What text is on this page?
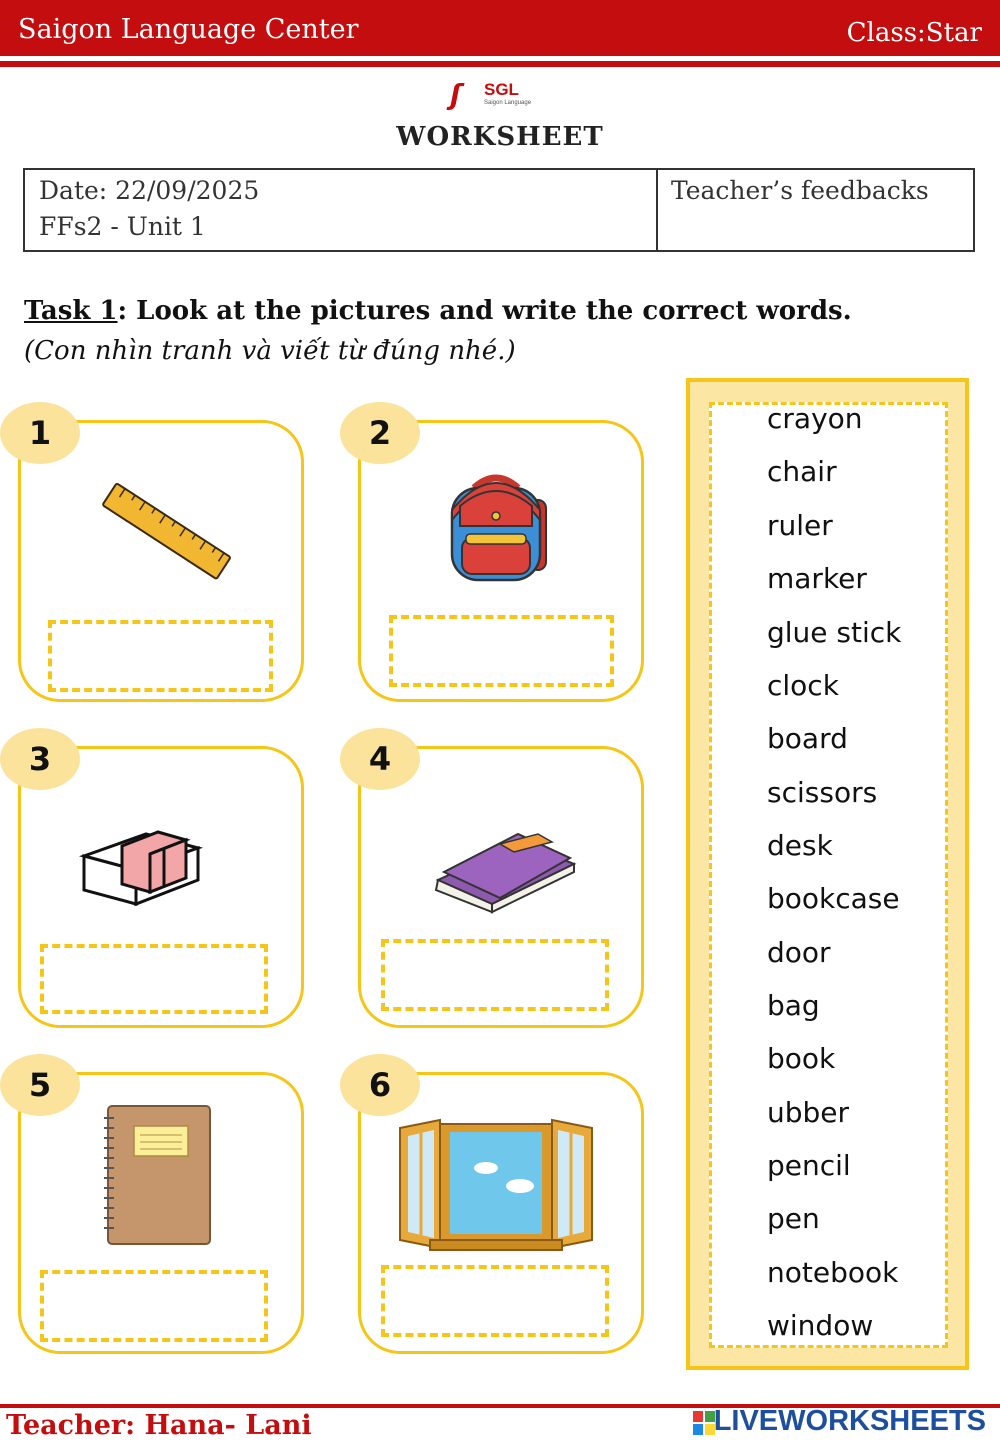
Saigon Language Center	Class:Star
ʃ SGL
Saigon Language
WORKSHEET
Date: 22/09/2025
FFs2 - Unit 1
Teacher’s feedbacks
Task 1: Look at the pictures and write the correct words.
(Con nhìn tranh và viết từ đúng nhé.)
1	2
3	4
5	6
crayon
chair
ruler
marker
glue stick
clock
board
scissors
desk
bookcase
door
bag
book
ubber
pencil
pen
notebook
window
Teacher: Hana- Lani	LIVEWORKSHEETS
